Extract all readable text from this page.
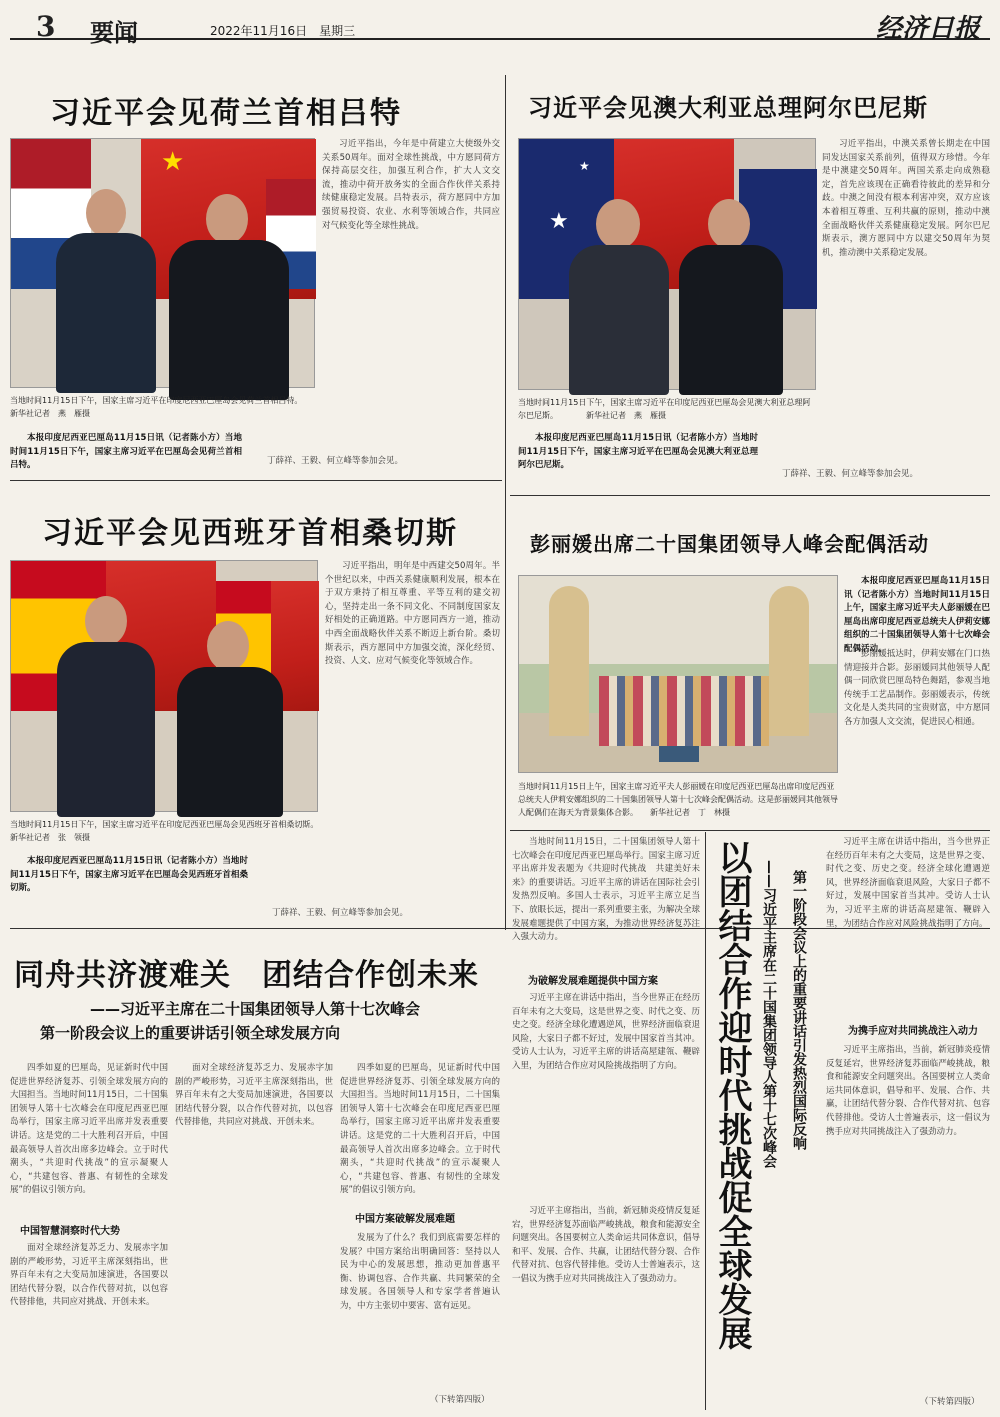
3 要闻	2022年11月16日　星期三	经济日报
习近平会见荷兰首相吕特
★
当地时间11月15日下午，国家主席习近平在印度尼西亚巴厘岛会见荷兰首相吕特。　　　　新华社记者　燕　雁摄

本报印度尼西亚巴厘岛11月15日讯（记者陈小方）当地时间11月15日下午，国家主席习近平在巴厘岛会见荷兰首相吕特。

习近平指出，今年是中荷建立大使级外交关系50周年。面对全球性挑战，中方愿同荷方保持高层交往，加强互利合作，扩大人文交流，推动中荷开放务实的全面合作伙伴关系持续健康稳定发展。吕特表示，荷方愿同中方加强贸易投资、农业、水利等领域合作，共同应对气候变化等全球性挑战。

丁薛祥、王毅、何立峰等参加会见。

习近平会见澳大利亚总理阿尔巴尼斯
★
★
当地时间11月15日下午，国家主席习近平在印度尼西亚巴厘岛会见澳大利亚总理阿尔巴尼斯。　　　　新华社记者　燕　雁摄

本报印度尼西亚巴厘岛11月15日讯（记者陈小方）当地时间11月15日下午，国家主席习近平在巴厘岛会见澳大利亚总理阿尔巴尼斯。

习近平指出，中澳关系曾长期走在中国同发达国家关系前列，值得双方珍惜。今年是中澳建交50周年。两国关系走向成熟稳定，首先应该现在正确看待彼此的差异和分歧。中澳之间没有根本利害冲突，双方应该本着相互尊重、互利共赢的原则，推动中澳全面战略伙伴关系健康稳定发展。阿尔巴尼斯表示，澳方愿同中方以建交50周年为契机，推动澳中关系稳定发展。

丁薛祥、王毅、何立峰等参加会见。

习近平会见西班牙首相桑切斯
当地时间11月15日下午，国家主席习近平在印度尼西亚巴厘岛会见西班牙首相桑切斯。　　　　新华社记者　张　领摄

本报印度尼西亚巴厘岛11月15日讯（记者陈小方）当地时间11月15日下午，国家主席习近平在巴厘岛会见西班牙首相桑切斯。

习近平指出，明年是中西建交50周年。半个世纪以来，中西关系健康顺利发展，根本在于双方秉持了相互尊重、平等互利的建交初心，坚持走出一条不同文化、不同制度国家友好相处的正确道路。中方愿同西方一道，推动中西全面战略伙伴关系不断迈上新台阶。桑切斯表示，西方愿同中方加强交流，深化经贸、投资、人文、应对气候变化等领域合作。

丁薛祥、王毅、何立峰等参加会见。

彭丽媛出席二十国集团领导人峰会配偶活动
当地时间11月15日上午，国家主席习近平夫人彭丽媛在印度尼西亚巴厘岛出席印度尼西亚总统夫人伊莉安娜组织的二十国集团领导人第十七次峰会配偶活动。这是彭丽媛同其他领导人配偶们在海天为背景集体合影。　　新华社记者　丁　林摄

本报印度尼西亚巴厘岛11月15日讯（记者陈小方）当地时间11月15日上午，国家主席习近平夫人彭丽媛在巴厘岛出席印度尼西亚总统夫人伊莉安娜组织的二十国集团领导人第十七次峰会配偶活动。

彭丽媛抵达时，伊莉安娜在门口热情迎接并合影。彭丽媛同其他领导人配偶一同欣赏巴厘岛特色舞蹈，参观当地传统手工艺品制作。彭丽媛表示，传统文化是人类共同的宝贵财富，中方愿同各方加强人文交流，促进民心相通。

同舟共济渡难关　团结合作创未来
——习近平主席在二十国集团领导人第十七次峰会
第一阶段会议上的重要讲话引领全球发展方向

四季如夏的巴厘岛，见证新时代中国促进世界经济复苏、引领全球发展方向的大国担当。当地时间11月15日，二十国集团领导人第十七次峰会在印度尼西亚巴厘岛举行，国家主席习近平出席并发表重要讲话。这是党的二十大胜利召开后，中国最高领导人首次出席多边峰会。立于时代潮头，“共迎时代挑战”的宣示凝聚人心，“共建包容、普惠、有韧性的全球发展”的倡议引领方向。

中国智慧洞察时代大势

面对全球经济复苏乏力、发展赤字加剧的严峻形势，习近平主席深刻指出，世界百年未有之大变局加速演进，各国要以团结代替分裂，以合作代替对抗，以包容代替排他，共同应对挑战、开创未来。

面对全球经济复苏乏力、发展赤字加剧的严峻形势，习近平主席深刻指出，世界百年未有之大变局加速演进，各国要以团结代替分裂，以合作代替对抗，以包容代替排他，共同应对挑战、开创未来。

四季如夏的巴厘岛，见证新时代中国促进世界经济复苏、引领全球发展方向的大国担当。当地时间11月15日，二十国集团领导人第十七次峰会在印度尼西亚巴厘岛举行，国家主席习近平出席并发表重要讲话。这是党的二十大胜利召开后，中国最高领导人首次出席多边峰会。立于时代潮头，“共迎时代挑战”的宣示凝聚人心，“共建包容、普惠、有韧性的全球发展”的倡议引领方向。

中国方案破解发展难题

发展为了什么？我们到底需要怎样的发展？中国方案给出明确回答：坚持以人民为中心的发展思想，推动更加普惠平衡、协调包容、合作共赢、共同繁荣的全球发展。各国领导人和专家学者普遍认为，中方主张切中要害、富有远见。

（下转第四版）

当地时间11月15日，二十国集团领导人第十七次峰会在印度尼西亚巴厘岛举行。国家主席习近平出席并发表题为《共迎时代挑战　共建美好未来》的重要讲话。习近平主席的讲话在国际社会引发热烈反响。多国人士表示，习近平主席立足当下、放眼长远，提出一系列重要主张，为解决全球发展难题提供了中国方案，为推动世界经济复苏注入强大动力。

为破解发展难题提供中国方案

习近平主席在讲话中指出，当今世界正在经历百年未有之大变局，这是世界之变、时代之变、历史之变。经济全球化遭遇逆风，世界经济面临衰退风险，大家日子都不好过，发展中国家首当其冲。受访人士认为，习近平主席的讲话高屋建瓴、鞭辟入里，为团结合作应对风险挑战指明了方向。

习近平主席指出，当前，新冠肺炎疫情反复延宕，世界经济复苏面临严峻挑战，粮食和能源安全问题突出。各国要树立人类命运共同体意识，倡导和平、发展、合作、共赢，让团结代替分裂、合作代替对抗、包容代替排他。受访人士普遍表示，这一倡议为携手应对共同挑战注入了强劲动力。 以团结合作迎时代挑战促全球发展 ——习近平主席在二十国集团领导人第十七次峰会 第一阶段会议上的重要讲话引发热烈国际反响

习近平主席在讲话中指出，当今世界正在经历百年未有之大变局，这是世界之变、时代之变、历史之变。经济全球化遭遇逆风，世界经济面临衰退风险，大家日子都不好过，发展中国家首当其冲。受访人士认为，习近平主席的讲话高屋建瓴、鞭辟入里，为团结合作应对风险挑战指明了方向。

为携手应对共同挑战注入动力

习近平主席指出，当前，新冠肺炎疫情反复延宕，世界经济复苏面临严峻挑战，粮食和能源安全问题突出。各国要树立人类命运共同体意识，倡导和平、发展、合作、共赢，让团结代替分裂、合作代替对抗、包容代替排他。受访人士普遍表示，这一倡议为携手应对共同挑战注入了强劲动力。

（下转第四版）
